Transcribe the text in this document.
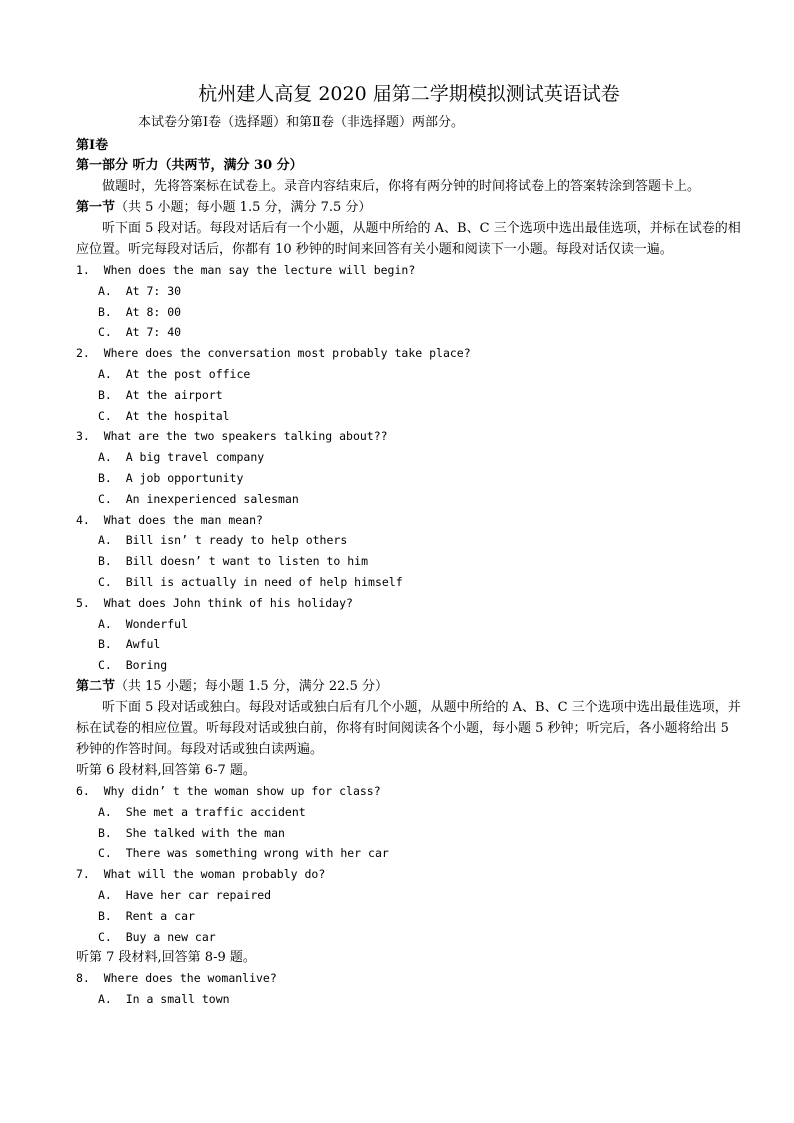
杭州建人高复 2020 届第二学期模拟测试英语试卷
本试卷分第Ⅰ卷（选择题）和第Ⅱ卷（非选择题）两部分。
第Ⅰ卷
第一部分 听力（共两节，满分 30 分）
做题时，先将答案标在试卷上。录音内容结束后，你将有两分钟的时间将试卷上的答案转涂到答题卡上。
第一节（共 5 小题；每小题 1.5 分，满分 7.5 分）
听下面 5 段对话。每段对话后有一个小题，从题中所给的 A、B、C 三个选项中选出最佳选项，并标在试卷的相应位置。听完每段对话后，你都有 10 秒钟的时间来回答有关小题和阅读下一小题。每段对话仅读一遍。
1.  When does the man say the lecture will begin?
A.  At 7: 30
B.  At 8: 00
C.  At 7: 40
2.  Where does the conversation most probably take place?
A.  At the post office
B.  At the airport
C.  At the hospital
3.  What are the two speakers talking about??
A.  A big travel company
B.  A job opportunity
C.  An inexperienced salesman
4.  What does the man mean?
A.  Bill isn’ t ready to help others
B.  Bill doesn’ t want to listen to him
C.  Bill is actually in need of help himself
5.  What does John think of his holiday?
A.  Wonderful
B.  Awful
C.  Boring
第二节（共 15 小题；每小题 1.5 分，满分 22.5 分）
听下面 5 段对话或独白。每段对话或独白后有几个小题，从题中所给的 A、B、C 三个选项中选出最佳选项，并标在试卷的相应位置。听每段对话或独白前，你将有时间阅读各个小题，每小题 5 秒钟；听完后，各小题将给出 5 秒钟的作答时间。每段对话或独白读两遍。
听第 6 段材料,回答第 6-7 题。
6.  Why didn’ t the woman show up for class?
A.  She met a traffic accident
B.  She talked with the man
C.  There was something wrong with her car
7.  What will the woman probably do?
A.  Have her car repaired
B.  Rent a car
C.  Buy a new car
听第 7 段材料,回答第 8-9 题。
8.  Where does the womanlive?
A.  In a small town
